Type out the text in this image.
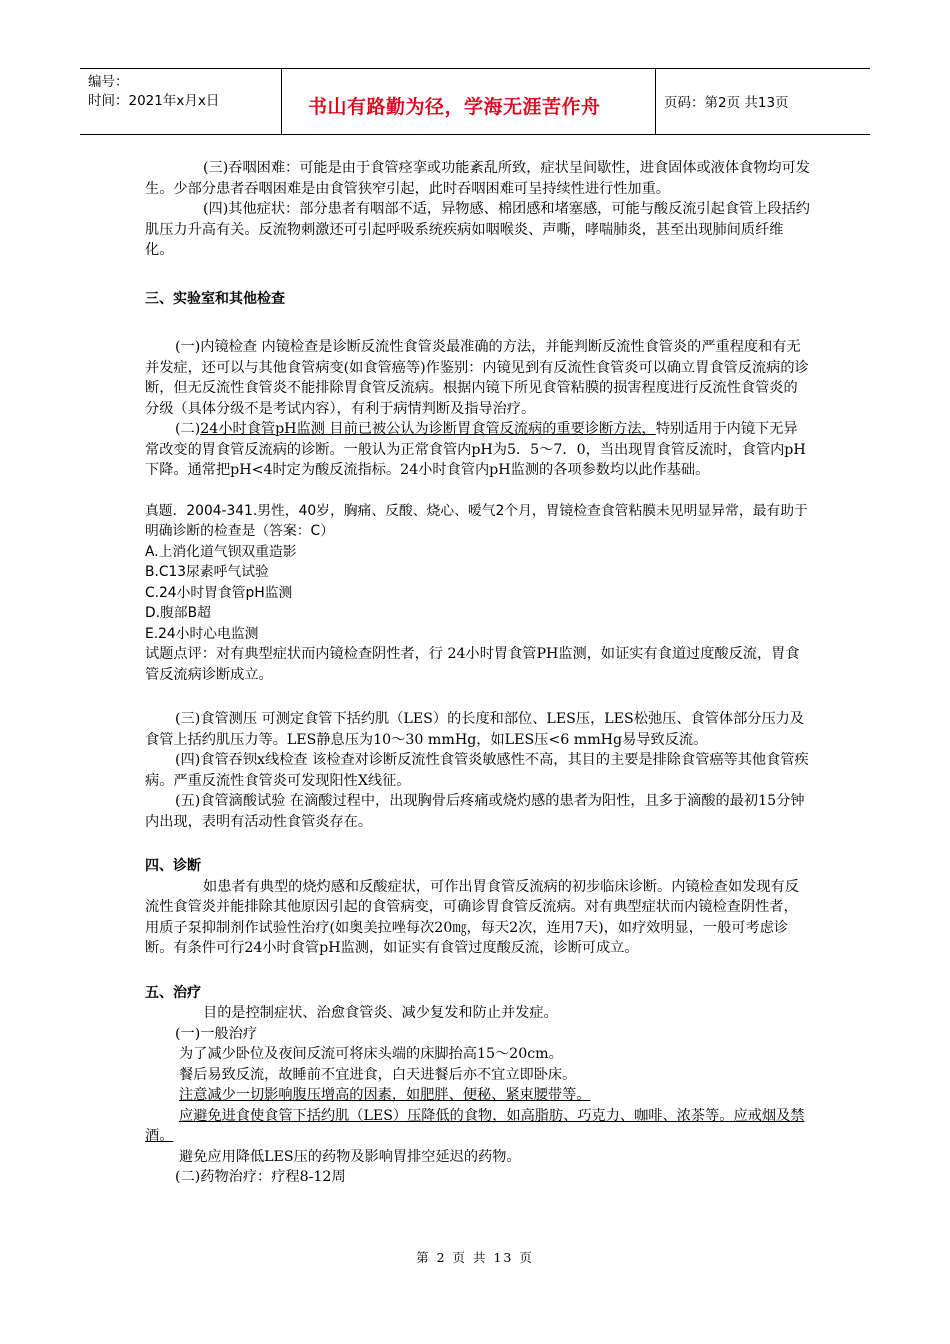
编号：
时间：2021年x月x日	书山有路勤为径，学海无涯苦作舟	页码：第2页 共13页

(三)吞咽困难：可能是由于食管痉挛或功能紊乱所致，症状呈间歇性，进食固体或液体食物均可发生。少部分患者吞咽困难是由食管狭窄引起，此时吞咽困难可呈持续性进行性加重。

(四)其他症状：部分患者有咽部不适，异物感、棉团感和堵塞感，可能与酸反流引起食管上段括约肌压力升高有关。反流物刺激还可引起呼吸系统疾病如咽喉炎、声嘶，哮喘肺炎，甚至出现肺间质纤维化。

三、实验室和其他检查

(一)内镜检查 内镜检查是诊断反流性食管炎最准确的方法，并能判断反流性食管炎的严重程度和有无并发症，还可以与其他食管病变(如食管癌等)作鉴别：内镜见到有反流性食管炎可以确立胃食管反流病的诊断，但无反流性食管炎不能排除胃食管反流病。根据内镜下所见食管粘膜的损害程度进行反流性食管炎的分级（具体分级不是考试内容），有利于病情判断及指导治疗。

(二)24小时食管pH监测 目前已被公认为诊断胃食管反流病的重要诊断方法，特别适用于内镜下无异常改变的胃食管反流病的诊断。一般认为正常食管内pH为5．5～7．0，当出现胃食管反流时，食管内pH下降。通常把pH<4时定为酸反流指标。24小时食管内pH监测的各项参数均以此作基础。

真题．2004-341.男性，40岁，胸痛、反酸、烧心、嗳气2个月，胃镜检查食管粘膜未见明显异常，最有助于明确诊断的检查是（答案：C）

A.上消化道气钡双重造影

B.C13尿素呼气试验

C.24小时胃食管pH监测

D.腹部B超

E.24小时心电监测

试题点评：对有典型症状而内镜检查阴性者，行 24小时胃食管PH监测，如证实有食道过度酸反流，胃食管反流病诊断成立。

(三)食管测压 可测定食管下括约肌（LES）的长度和部位、LES压，LES松弛压、食管体部分压力及食管上括约肌压力等。LES静息压为10～30 mmHg，如LES压<6 mmHg易导致反流。

(四)食管吞钡x线检查 该检查对诊断反流性食管炎敏感性不高，其目的主要是排除食管癌等其他食管疾病。严重反流性食管炎可发现阳性X线征。

(五)食管滴酸试验 在滴酸过程中，出现胸骨后疼痛或烧灼感的患者为阳性，且多于滴酸的最初15分钟内出现，表明有活动性食管炎存在。

四、诊断

如患者有典型的烧灼感和反酸症状，可作出胃食管反流病的初步临床诊断。内镜检查如发现有反流性食管炎并能排除其他原因引起的食管病变，可确诊胃食管反流病。对有典型症状而内镜检查阴性者，用质子泵抑制剂作试验性治疗(如奥美拉唑每次20㎎，每天2次，连用7天)，如疗效明显，一般可考虑诊断。有条件可行24小时食管pH监测，如证实有食管过度酸反流，诊断可成立。

五、治疗

目的是控制症状、治愈食管炎、减少复发和防止并发症。

(一)一般治疗

为了减少卧位及夜间反流可将床头端的床脚抬高15～20cm。

餐后易致反流，故睡前不宜进食，白天进餐后亦不宜立即卧床。

注意减少一切影响腹压增高的因素，如肥胖、便秘、紧束腰带等。

应避免进食使食管下括约肌（LES）压降低的食物，如高脂肪、巧克力、咖啡、浓茶等。应戒烟及禁酒。

避免应用降低LES压的药物及影响胃排空延迟的药物。

(二)药物治疗：疗程8-12周

第 2 页 共 13 页
